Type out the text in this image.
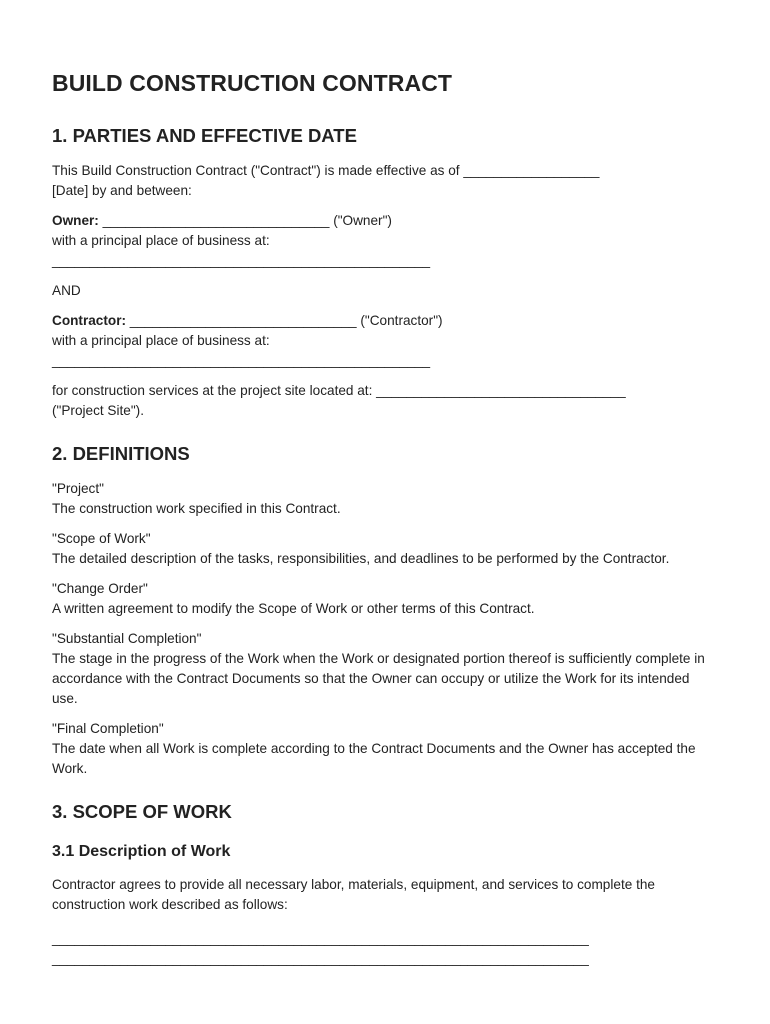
BUILD CONSTRUCTION CONTRACT
1. PARTIES AND EFFECTIVE DATE

This Build Construction Contract ("Contract") is made effective as of __________________
[Date] by and between:

Owner: ______________________________ ("Owner")
with a principal place of business at:
__________________________________________________

AND

Contractor: ______________________________ ("Contractor")
with a principal place of business at:
__________________________________________________

for construction services at the project site located at: _________________________________
("Project Site").

2. DEFINITIONS

"Project"
The construction work specified in this Contract.

"Scope of Work"
The detailed description of the tasks, responsibilities, and deadlines to be performed by the Contractor.

"Change Order"
A written agreement to modify the Scope of Work or other terms of this Contract.

"Substantial Completion"
The stage in the progress of the Work when the Work or designated portion thereof is sufficiently complete in accordance with the Contract Documents so that the Owner can occupy or utilize the Work for its intended use.

"Final Completion"
The date when all Work is complete according to the Contract Documents and the Owner has accepted the Work.

3. SCOPE OF WORK
3.1 Description of Work

Contractor agrees to provide all necessary labor, materials, equipment, and services to complete the construction work described as follows:

_______________________________________________________________________
_______________________________________________________________________
